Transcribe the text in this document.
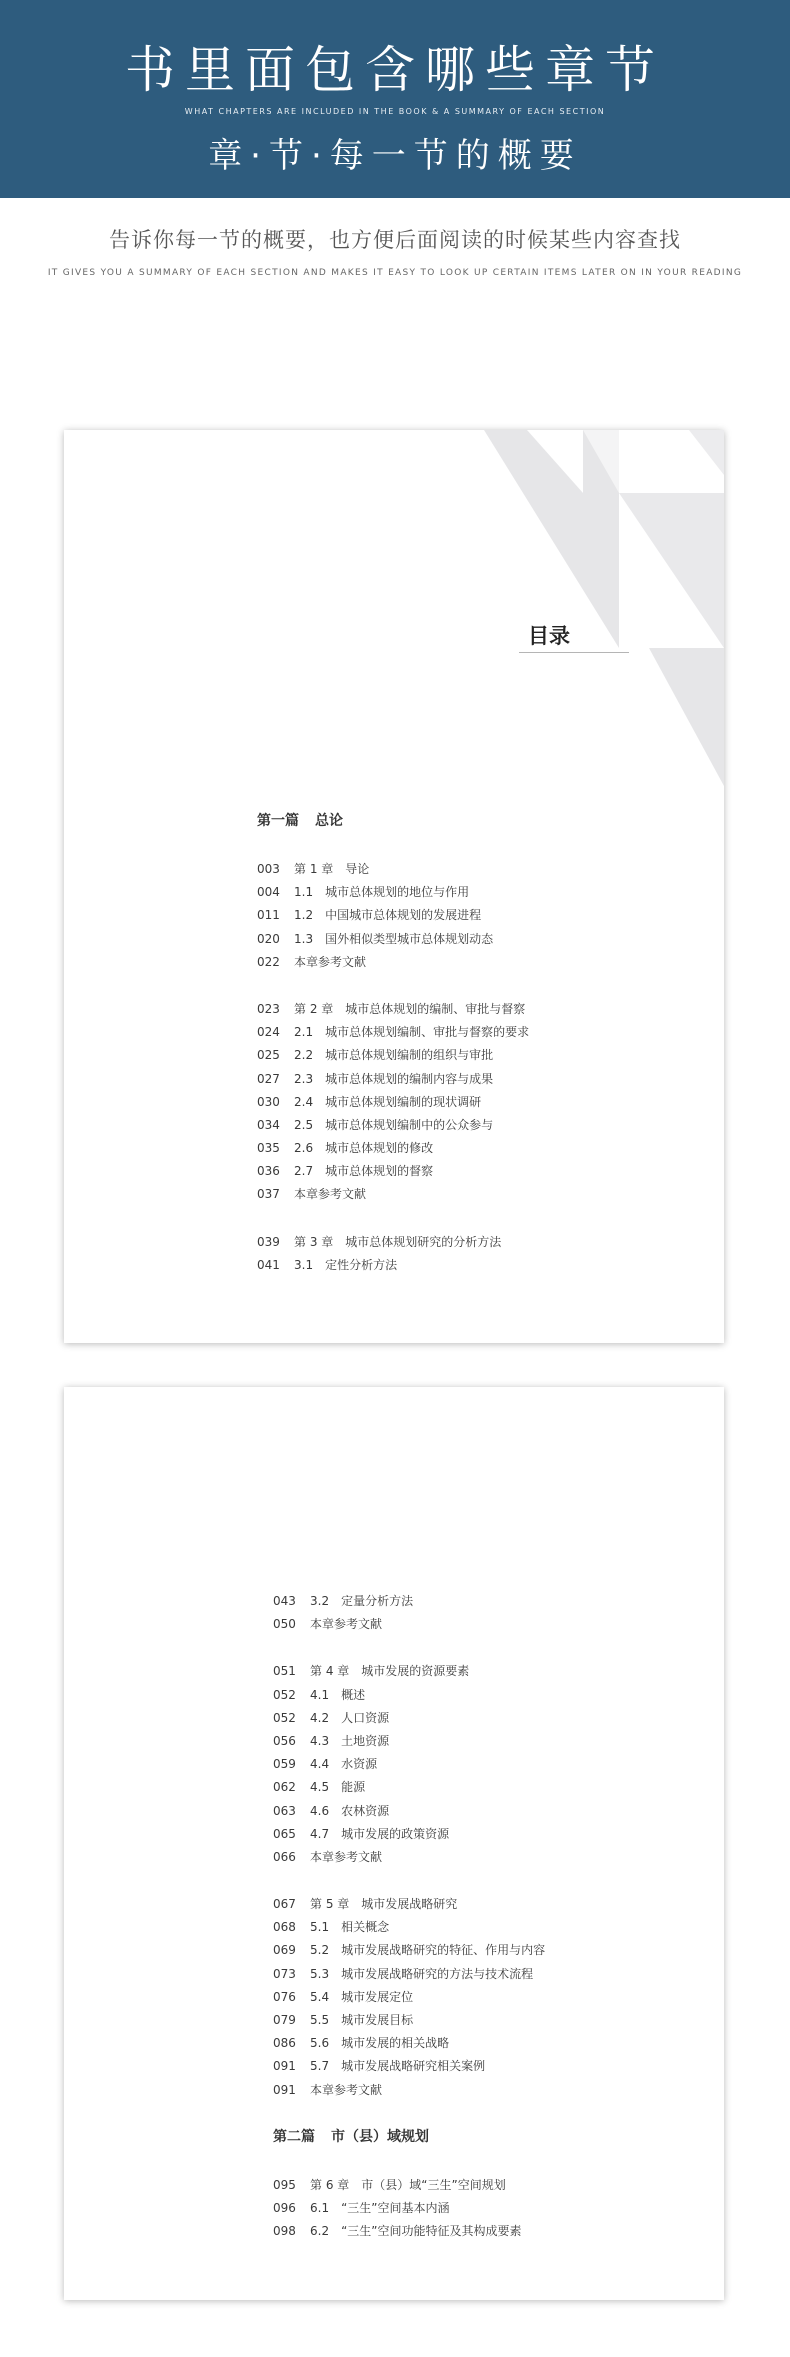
书里面包含哪些章节
WHAT CHAPTERS ARE INCLUDED IN THE BOOK & A SUMMARY OF EACH SECTION
章·节·每一节的概要
告诉你每一节的概要，也方便后面阅读的时候某些内容查找
IT GIVES YOU A SUMMARY OF EACH SECTION AND MAKES IT EASY TO LOOK UP CERTAIN ITEMS LATER ON IN YOUR READING
目录
第一篇 总论
003 第 1 章 导论
004 1.1 城市总体规划的地位与作用
011 1.2 中国城市总体规划的发展进程
020 1.3 国外相似类型城市总体规划动态
022 本章参考文献
023 第 2 章 城市总体规划的编制、审批与督察
024 2.1 城市总体规划编制、审批与督察的要求
025 2.2 城市总体规划编制的组织与审批
027 2.3 城市总体规划的编制内容与成果
030 2.4 城市总体规划编制的现状调研
034 2.5 城市总体规划编制中的公众参与
035 2.6 城市总体规划的修改
036 2.7 城市总体规划的督察
037 本章参考文献
039 第 3 章 城市总体规划研究的分析方法
041 3.1 定性分析方法
043 3.2 定量分析方法
050 本章参考文献
051 第 4 章 城市发展的资源要素
052 4.1 概述
052 4.2 人口资源
056 4.3 土地资源
059 4.4 水资源
062 4.5 能源
063 4.6 农林资源
065 4.7 城市发展的政策资源
066 本章参考文献
067 第 5 章 城市发展战略研究
068 5.1 相关概念
069 5.2 城市发展战略研究的特征、作用与内容
073 5.3 城市发展战略研究的方法与技术流程
076 5.4 城市发展定位
079 5.5 城市发展目标
086 5.6 城市发展的相关战略
091 5.7 城市发展战略研究相关案例
091 本章参考文献
第二篇 市（县）域规划
095 第 6 章 市（县）域“三生”空间规划
096 6.1 “三生”空间基本内涵
098 6.2 “三生”空间功能特征及其构成要素
